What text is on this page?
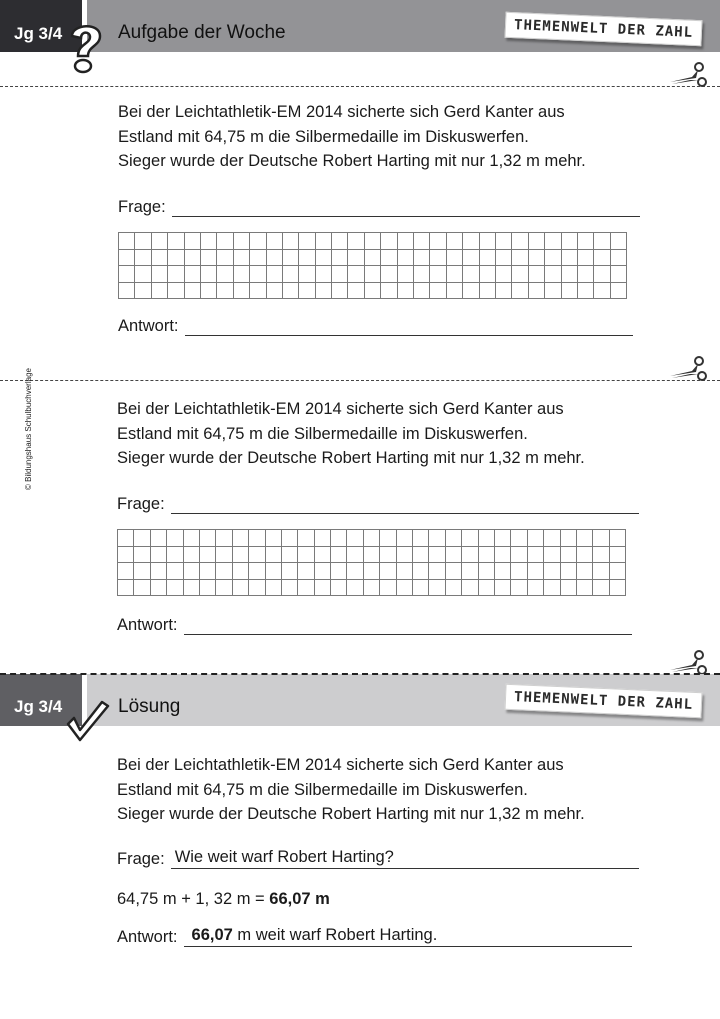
Jg 3/4	Aufgabe der Woche	THEMENWELT DER ZAHL
Bei der Leichtathletik-EM 2014 sicherte sich Gerd Kanter aus
Estland mit 64,75 m die Silbermedaille im Diskuswerfen.
Sieger wurde der Deutsche Robert Harting mit nur 1,32 m mehr.
Frage:

Antwort:
© Bildungshaus Schulbuchverlage	Bei der Leichtathletik-EM 2014 sicherte sich Gerd Kanter aus
Estland mit 64,75 m die Silbermedaille im Diskuswerfen.
Sieger wurde der Deutsche Robert Harting mit nur 1,32 m mehr.
Frage:

Antwort:
Jg 3/4	Lösung	THEMENWELT DER ZAHL
Bei der Leichtathletik-EM 2014 sicherte sich Gerd Kanter aus
Estland mit 64,75 m die Silbermedaille im Diskuswerfen.
Sieger wurde der Deutsche Robert Harting mit nur 1,32 m mehr.
Frage: Wie weit warf Robert Harting?
64,75 m + 1, 32 m = 66,07 m
Antwort: 66,07 m weit warf Robert Harting.
